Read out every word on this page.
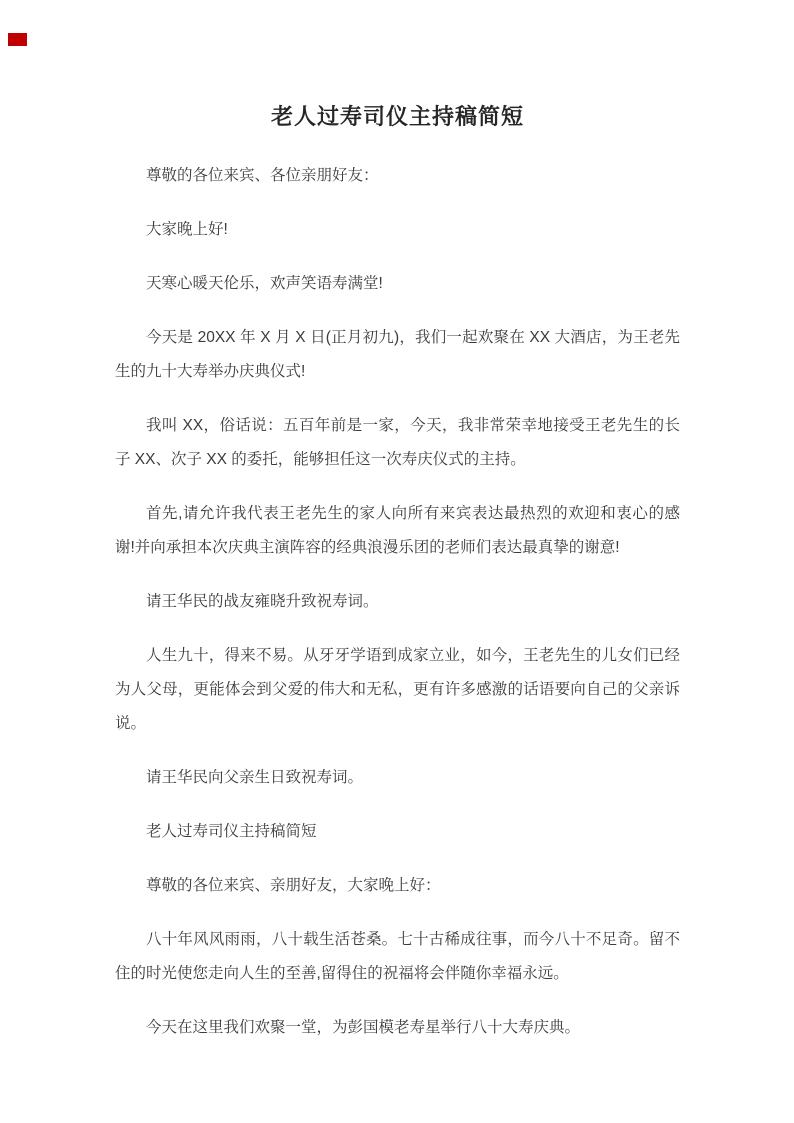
老人过寿司仪主持稿简短

尊敬的各位来宾、各位亲朋好友：

大家晚上好!

天寒心暖天伦乐，欢声笑语寿满堂!

今天是 20XX 年 X 月 X 日(正月初九)，我们一起欢聚在 XX 大酒店，为王老先生的九十大寿举办庆典仪式!

我叫 XX，俗话说：五百年前是一家，今天，我非常荣幸地接受王老先生的长子 XX、次子 XX 的委托，能够担任这一次寿庆仪式的主持。

首先,请允许我代表王老先生的家人向所有来宾表达最热烈的欢迎和衷心的感谢!并向承担本次庆典主演阵容的经典浪漫乐团的老师们表达最真挚的谢意!

请王华民的战友雍晓升致祝寿词。

人生九十，得来不易。从牙牙学语到成家立业，如今，王老先生的儿女们已经为人父母，更能体会到父爱的伟大和无私，更有许多感激的话语要向自己的父亲诉说。

请王华民向父亲生日致祝寿词。

老人过寿司仪主持稿简短

尊敬的各位来宾、亲朋好友，大家晚上好：

八十年风风雨雨，八十载生活苍桑。七十古稀成往事，而今八十不足奇。留不住的时光使您走向人生的至善,留得住的祝福将会伴随你幸福永远。

今天在这里我们欢聚一堂，为彭国模老寿星举行八十大寿庆典。
